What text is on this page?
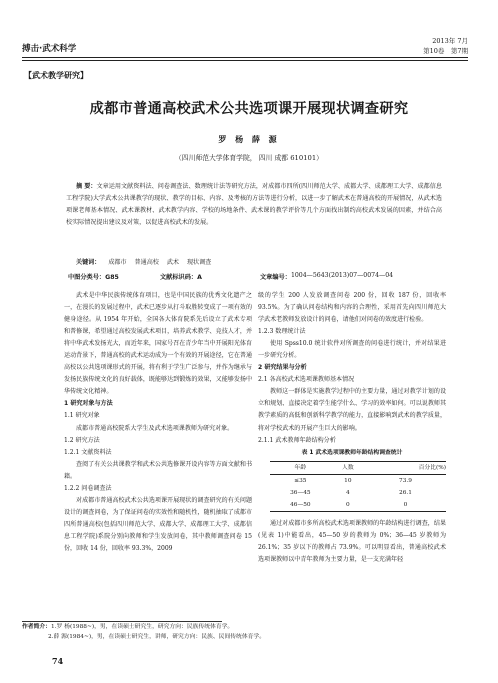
搏击·武术科学
2013年 7月
第10卷　第7期
【武术教学研究】
成都市普通高校武术公共选项课开展现状调查研究
罗 杨 薛 源
（四川师范大学体育学院， 四川 成都 610101）
摘 要：文章运用文献资料法、问卷调查法、数理统计法等研究方法，对成都市四所(四川师范大学、成都大学、成都理工大学、成都信息工程学院)大学武术公共课教学的现状、教学的目标、内容、及考核的方法等进行分析，以进一步了解武术在普通高校的开展情况，从武术选项课老师基本情况、武术课教材、武术教学内容、学校的场地条件、武术课的教学评价等几个方面找出制约高校武术发展的因素，并结合高校实际情况提出建议及对策，以促进高校武术的发展。
关键词： 成都市 普通高校 武术 现状调查
中图分类号：G85	文献标识码：A	文章编号： 1004—5643(2013)07—0074—04

武术是中华民族传统体育项目，也是中国民族的优秀文化遗产之一，在漫长的发展过程中，武术已逐步从打斗取胜转变成了一项有效的健身途径。从 1954 年开始，全国各大体育院系先后设立了武术专项和普修课，希望通过高校发展武术项目，培养武术教学、竞技人才，并将中华武术发扬光大，而近年来，国家号召在青少年当中开展阳光体育运动背景下，普通高校的武术运动成为一个有效的开展途径，它在普通高校以公共选项课形式的开展，将有利于学生广泛参与，并作为继承与发扬民族传统文化的良好载体，既能够达到锻炼的效果，又能够发扬中华传统文化精神。

1 研究对象与方法

1.1 研究对象

成都市普通高校院系大学生及武术选项课教师为研究对象。

1.2 研究方法

1.2.1 文献资料法

查阅了有关公共课教学和武术公共选修课开设内容等方面文献和书籍。

1.2.2 问卷调查法

对成都市普通高校武术公共选项课开展现状的调查研究的有关问题设计的调查问卷，为了保证问卷的实效性和随机性，随机抽取了成都市四所普通高校(包括四川师范大学、成都大学、成都理工大学、成都信息工程学院)系院分别向教师和学生发放问卷，其中教师调查问卷 15 份，回收 14 份，回收率 93.3%，2009

级的学生 200 人发放调查问卷 200 份，回收 187 份，回收率 93.5%。为了确认问卷结构和内容的合理性，采用首先向四川师范大学武术老教师发放设计的问卷，请他们对问卷的效度进行检验。

1.2.3 数理统计法

使用 Spss10.0 统计软件对所调查的问卷进行统计，并对结果进一步研究分析。

2 研究结果与分析

2.1 各高校武术选项课教师基本情况

教师这一群体是实施教学过程中的主要力量，通过对教学计划的设立和规划、直接决定着学生能学什么、学习的效率如何。可以说教师其教学素质的高低和创新科学教学的能力，直接影响到武术的教学质量，将对学校武术的开展产生巨大的影响。

2.1.1 武术教师年龄结构分析

表 1 武术选项课教师年龄结构调查统计

年龄	人数	百分比(%)
≤35	10	73.9
36—45	4	26.1
46—50	0	0

通过对成都市多所高校武术选项课教师的年龄结构进行调查，结果(见表 1)中能看出，45—50 岁的教师为 0%；36—45 岁教师为 26.1%；35 岁以下的教师占 73.9%。可以明显看出，普通高校武术选项课教师以中青年教师为主要力量，是一支充满年轻

作者简介：1.罗 杨(1988~)，男，在读硕士研究生，研究方向：民族传统体育学。
2.薛 源(1984~)，男，在读硕士研究生，讲师，研究方向：民族、民间传统体育学。
74
